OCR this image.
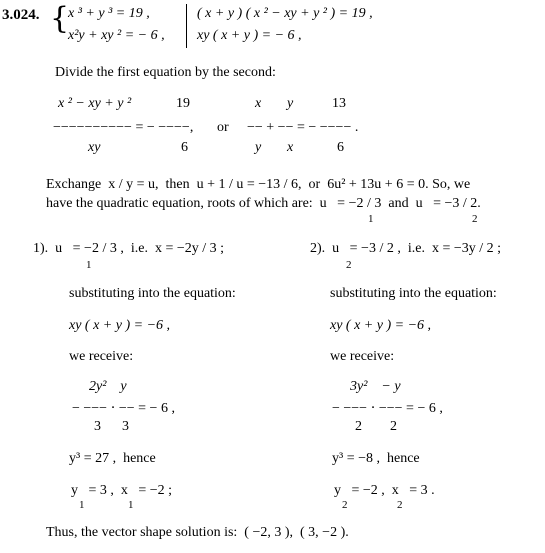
3.024. {
x ³ + y ³ = 19 ,
x²y + xy ² = − 6 ,
( x + y ) ( x ² − xy + y ² ) = 19 ,
xy ( x + y ) = − 6 ,
Divide the first equation by the second:
x ² − xy + y ²	19
−−−−−−−−−− = − −−−−, or
xy	6
x y	13
−− + −− = − −−−− .
y x	6
Exchange  x / y = u,  then  u + 1 / u = −13 / 6,  or  6u² + 13u + 6 = 0. So, we
have the quadratic equation, roots of which are:  u   = −2 / 3  and  u   = −3 / 2.
1	2
1).  u   = −2 / 3 ,  i.e.  x = −2y / 3 ;
1
substituting into the equation:
xy ( x + y ) = −6 ,
we receive:
2y²    y
− −−− ⋅ −− = − 6 ,
3      3
y³ = 27 ,  hence
y   = 3 ,  x   = −2 ;
1	1
2).  u   = −3 / 2 ,  i.e.  x = −3y / 2 ;
2
substituting into the equation:
xy ( x + y ) = −6 ,
we receive:
3y²    − y
− −−− ⋅ −−− = − 6 ,
2        2
y³ = −8 ,  hence
y   = −2 ,  x   = 3 .
2	2
Thus, the vector shape solution is:  ( −2, 3 ),  ( 3, −2 ).
